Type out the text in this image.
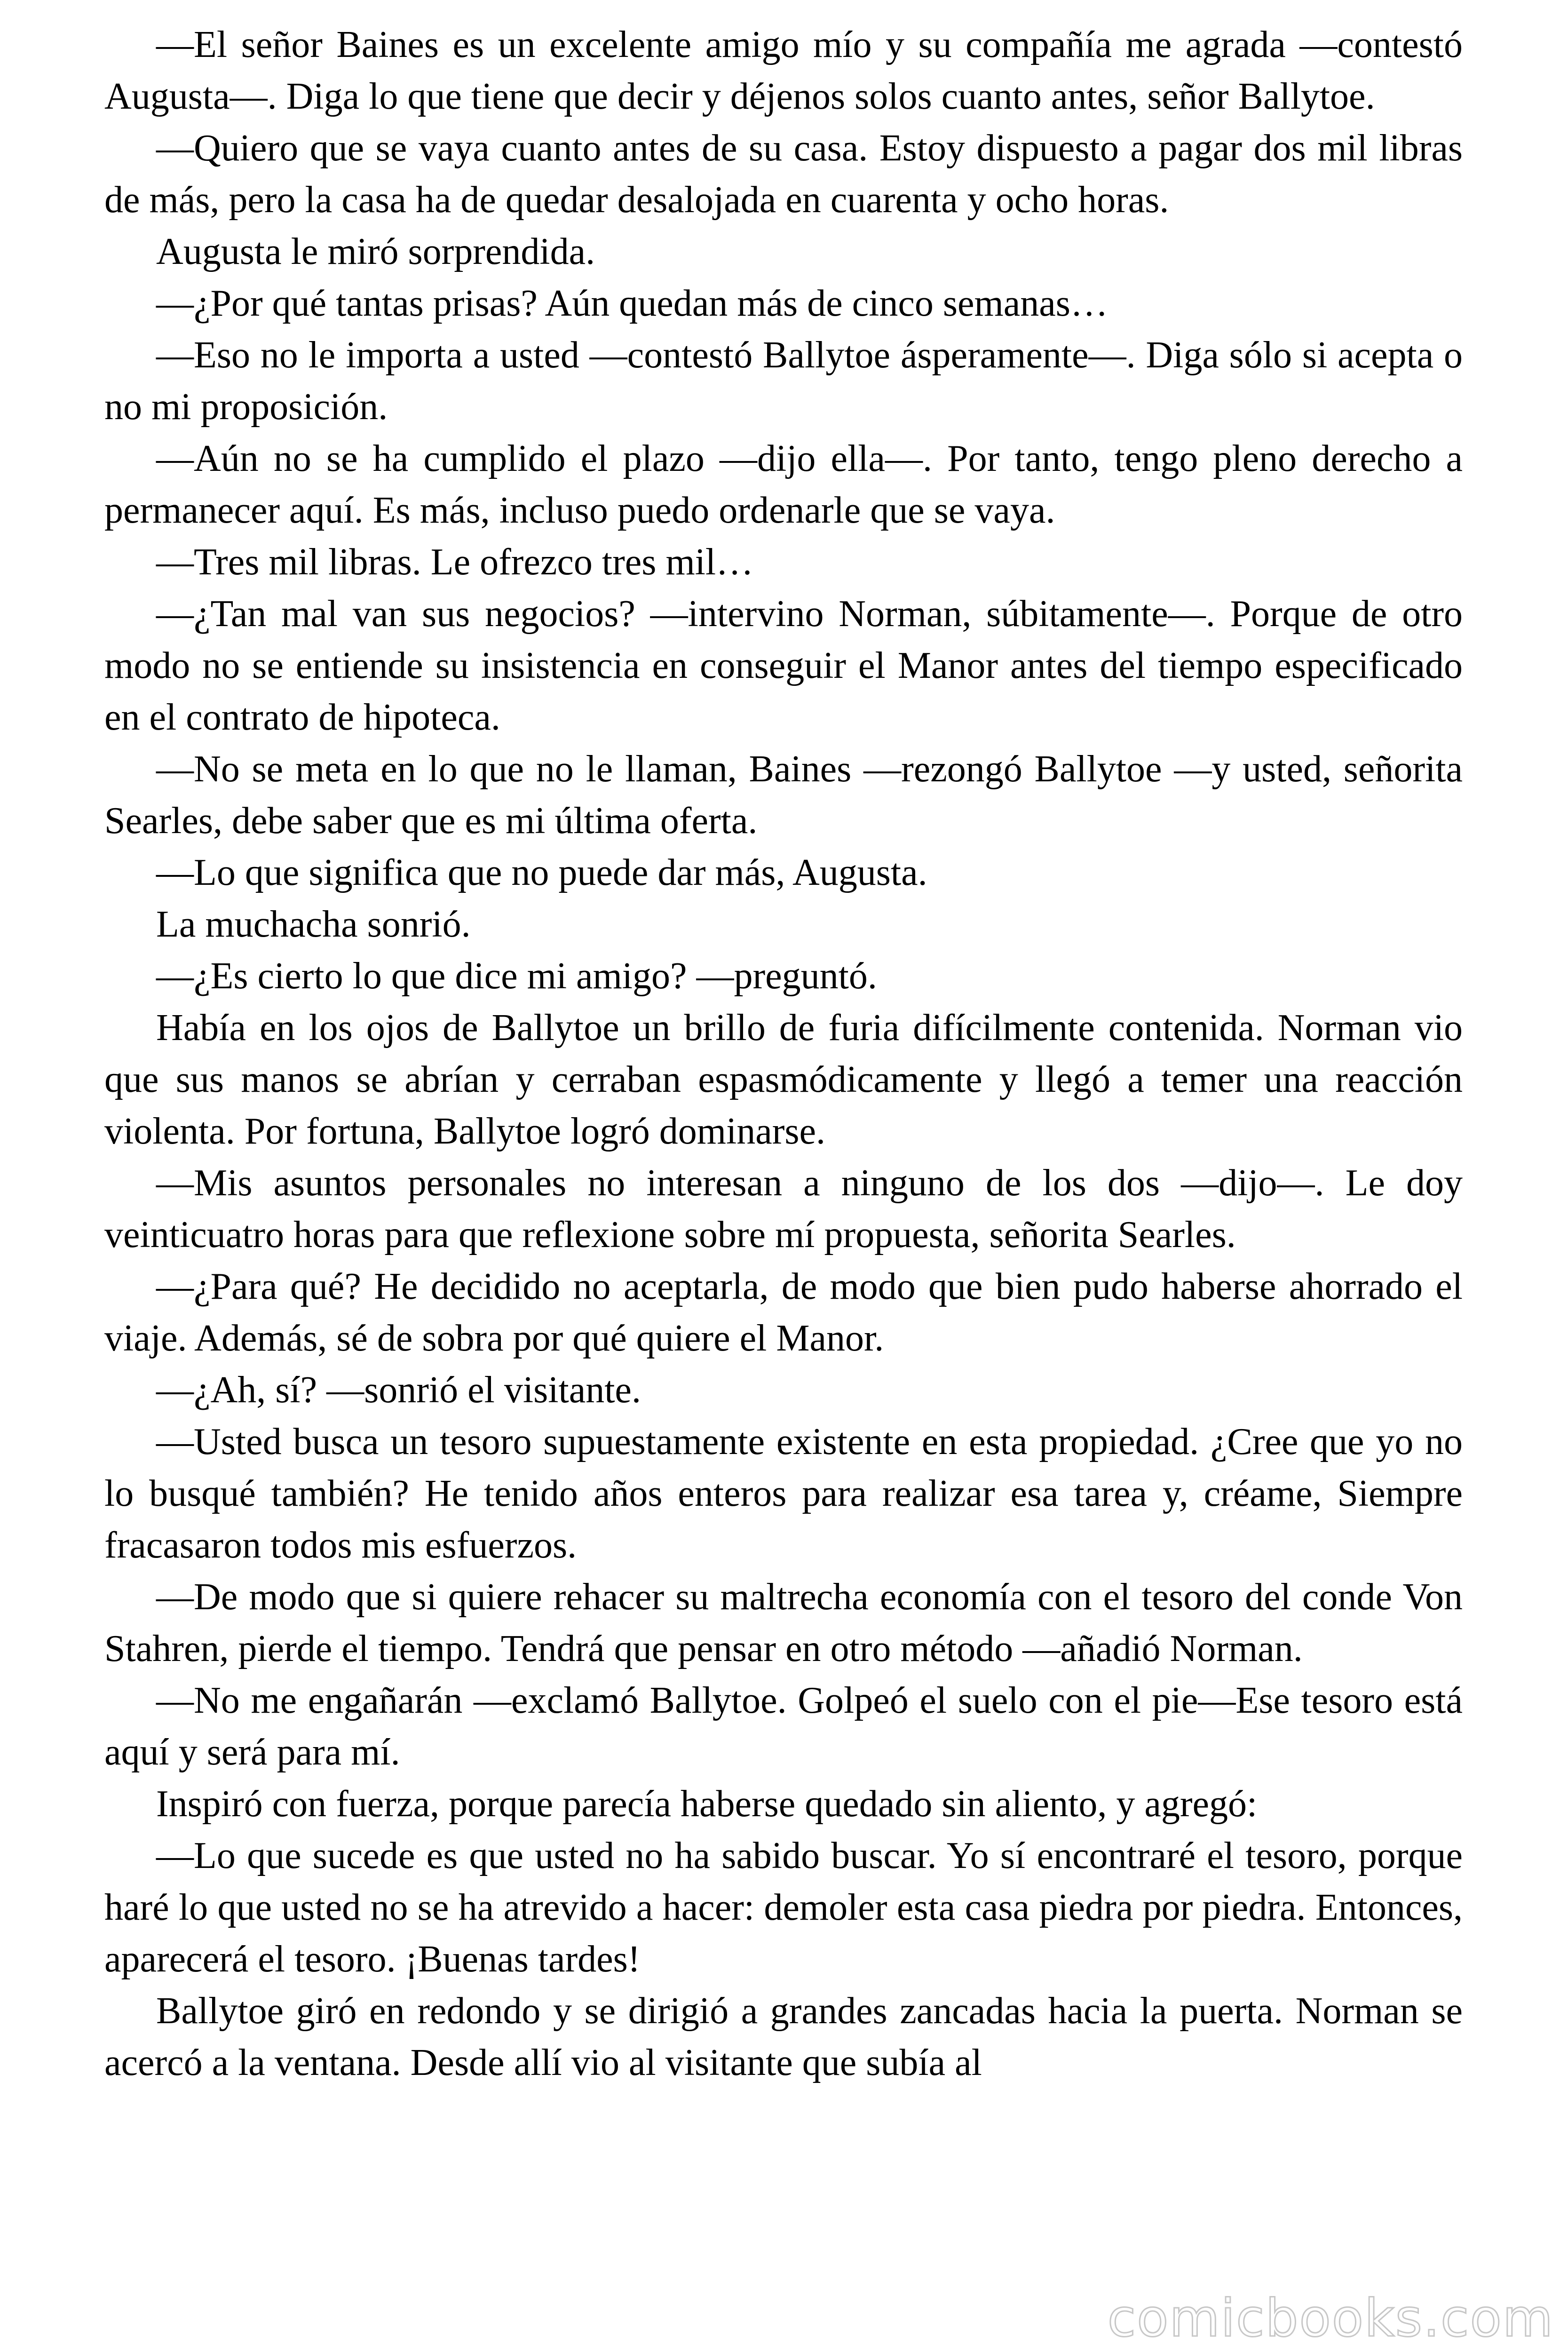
—El señor Baines es un excelente amigo mío y su compañía me agrada —contestó Augusta—. Diga lo que tiene que decir y déjenos solos cuanto antes, señor Ballytoe.

—Quiero que se vaya cuanto antes de su casa. Estoy dispuesto a pagar dos mil libras de más, pero la casa ha de quedar desalojada en cuarenta y ocho horas.

Augusta le miró sorprendida.

—¿Por qué tantas prisas? Aún quedan más de cinco semanas…

—Eso no le importa a usted —contestó Ballytoe ásperamente—. Diga sólo si acepta o no mi proposición.

—Aún no se ha cumplido el plazo —dijo ella—. Por tanto, tengo pleno derecho a permanecer aquí. Es más, incluso puedo ordenarle que se vaya.

—Tres mil libras. Le ofrezco tres mil…

—¿Tan mal van sus negocios? —intervino Norman, súbitamente—. Porque de otro modo no se entiende su insistencia en conseguir el Manor antes del tiempo especificado en el contrato de hipoteca.

—No se meta en lo que no le llaman, Baines —rezongó Ballytoe —y usted, señorita Searles, debe saber que es mi última oferta.

—Lo que significa que no puede dar más, Augusta.

La muchacha sonrió.

—¿Es cierto lo que dice mi amigo? —preguntó.

Había en los ojos de Ballytoe un brillo de furia difícilmente contenida. Norman vio que sus manos se abrían y cerraban espasmódicamente y llegó a temer una reacción violenta. Por fortuna, Ballytoe logró dominarse.

—Mis asuntos personales no interesan a ninguno de los dos —dijo—. Le doy veinticuatro horas para que reflexione sobre mí propuesta, señorita Searles.

—¿Para qué? He decidido no aceptarla, de modo que bien pudo haberse ahorrado el viaje. Además, sé de sobra por qué quiere el Manor.

—¿Ah, sí? —sonrió el visitante.

—Usted busca un tesoro supuestamente existente en esta propiedad. ¿Cree que yo no lo busqué también? He tenido años enteros para realizar esa tarea y, créame, Siempre fracasaron todos mis esfuerzos.

—De modo que si quiere rehacer su maltrecha economía con el tesoro del conde Von Stahren, pierde el tiempo. Tendrá que pensar en otro método —añadió Norman.

—No me engañarán —exclamó Ballytoe. Golpeó el suelo con el pie—Ese tesoro está aquí y será para mí.

Inspiró con fuerza, porque parecía haberse quedado sin aliento, y agregó:

—Lo que sucede es que usted no ha sabido buscar. Yo sí encontraré el tesoro, porque haré lo que usted no se ha atrevido a hacer: demoler esta casa piedra por piedra. Entonces, aparecerá el tesoro. ¡Buenas tardes!

Ballytoe giró en redondo y se dirigió a grandes zancadas hacia la puerta. Norman se acercó a la ventana. Desde allí vio al visitante que subía al

comicbooks.com
